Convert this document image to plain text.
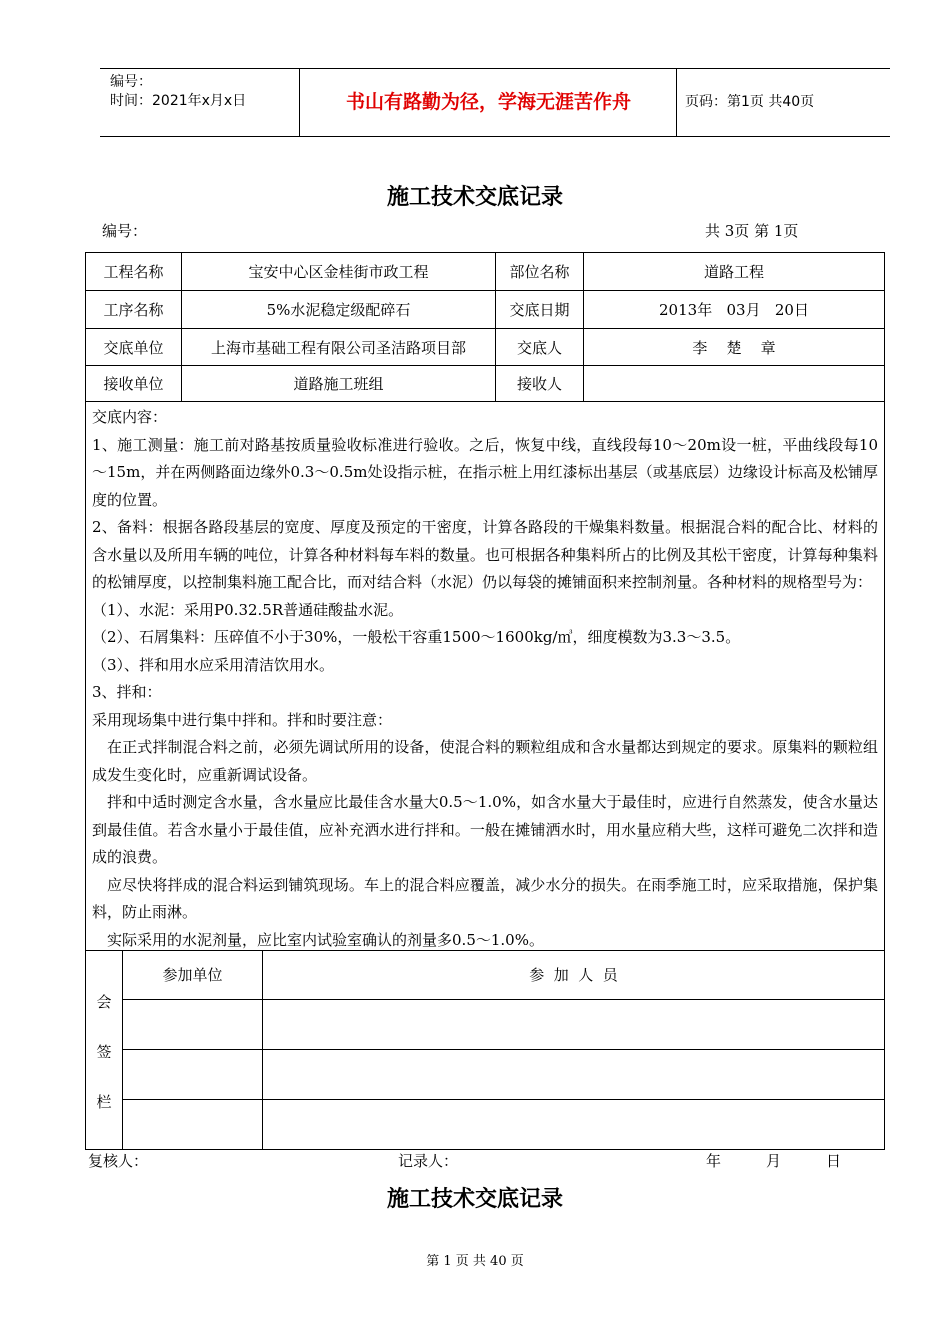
编号：
时间：2021年x月x日	书山有路勤为径，学海无涯苦作舟	页码：第1页 共40页
施工技术交底记录
编号：	共 3页 第 1页
工程名称	宝安中心区金桂街市政工程	部位名称	道路工程
工序名称	5%水泥稳定级配碎石	交底日期	2013年   03月   20日
交底单位	上海市基础工程有限公司圣洁路项目部	交底人	李    楚    章
接收单位	道路施工班组	接收人

交底内容：

1、施工测量：施工前对路基按质量验收标准进行验收。之后，恢复中线，直线段每10～20m设一桩，平曲线段每10～15m，并在两侧路面边缘外0.3～0.5m处设指示桩，在指示桩上用红漆标出基层（或基底层）边缘设计标高及松铺厚度的位置。

2、备料：根据各路段基层的宽度、厚度及预定的干密度，计算各路段的干燥集料数量。根据混合料的配合比、材料的含水量以及所用车辆的吨位，计算各种材料每车料的数量。也可根据各种集料所占的比例及其松干密度，计算每种集料的松铺厚度，以控制集料施工配合比，而对结合料（水泥）仍以每袋的摊铺面积来控制剂量。各种材料的规格型号为：

（1）、水泥：采用P0.32.5R普通硅酸盐水泥。

（2）、石屑集料：压碎值不小于30%，一般松干容重1500～1600kg/㎥，细度模数为3.3～3.5。

（3）、拌和用水应采用清洁饮用水。

3、拌和：

采用现场集中进行集中拌和。拌和时要注意：

在正式拌制混合料之前，必须先调试所用的设备，使混合料的颗粒组成和含水量都达到规定的要求。原集料的颗粒组成发生变化时，应重新调试设备。

拌和中适时测定含水量，含水量应比最佳含水量大0.5～1.0%，如含水量大于最佳时，应进行自然蒸发，使含水量达到最佳值。若含水量小于最佳值，应补充洒水进行拌和。一般在摊铺洒水时，用水量应稍大些，这样可避免二次拌和造成的浪费。

应尽快将拌成的混合料运到铺筑现场。车上的混合料应覆盖，减少水分的损失。在雨季施工时，应采取措施，保护集料，防止雨淋。

实际采用的水泥剂量，应比室内试验室确认的剂量多0.5～1.0%。

会
签
栏
参加单位	参  加  人  员
复核人：	记录人：	年	月	日
施工技术交底记录
第 1 页 共 40 页
